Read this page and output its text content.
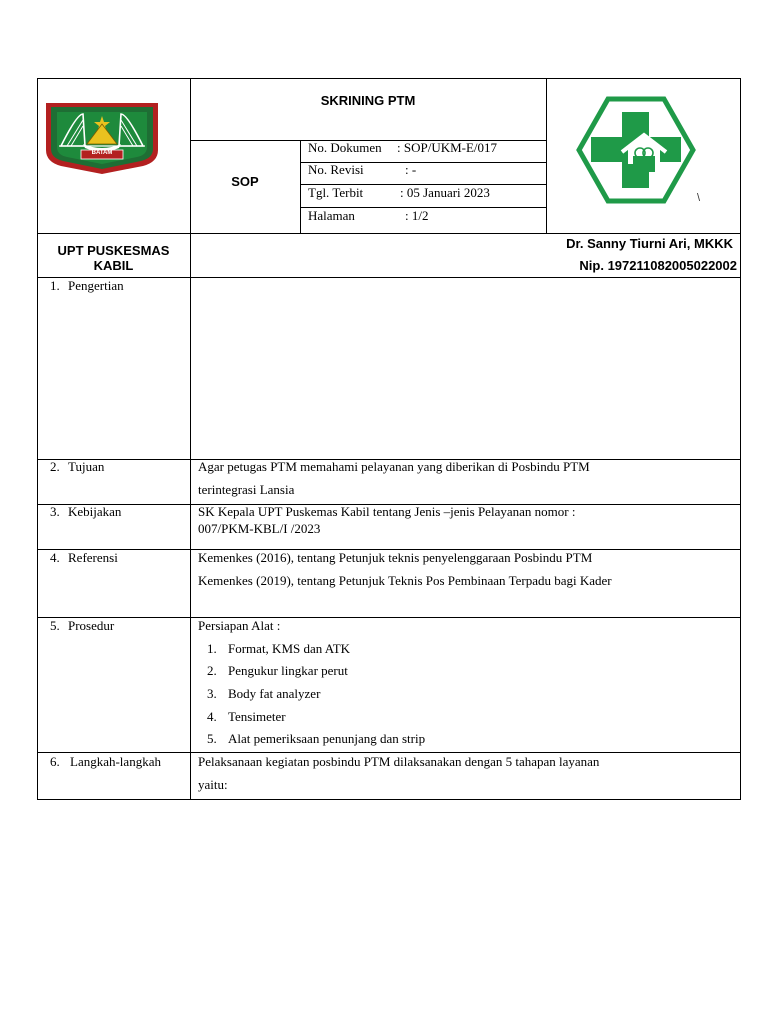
BATAM
SKRINING PTM
SOP
No. Dokumen : SOP/UKM-E/017
No. Revisi	: -
Tgl. Terbit	: 05 Januari 2023
Halaman	: 1/2
\
UPT PUSKESMAS
KABIL
Dr. Sanny Tiurni Ari, MKKK
Nip. 197211082005022002
1. Pengertian
2. Tujuan	Agar petugas PTM memahami pelayanan yang diberikan di Posbindu PTM
terintegrasi Lansia
3. Kebijakan	SK Kepala UPT Puskemas Kabil tentang Jenis –jenis Pelayanan nomor :
007/PKM-KBL/I /2023
4. Referensi	Kemenkes (2016), tentang Petunjuk teknis penyelenggaraan Posbindu PTM
Kemenkes (2019), tentang Petunjuk Teknis Pos Pembinaan Terpadu bagi Kader
5. Prosedur	Persiapan Alat :
1. Format, KMS dan ATK
2. Pengukur lingkar perut
3. Body fat analyzer
4. Tensimeter
5. Alat pemeriksaan penunjang dan strip
6. Langkah-langkah	Pelaksanaan kegiatan posbindu PTM dilaksanakan dengan 5 tahapan layanan
yaitu:
